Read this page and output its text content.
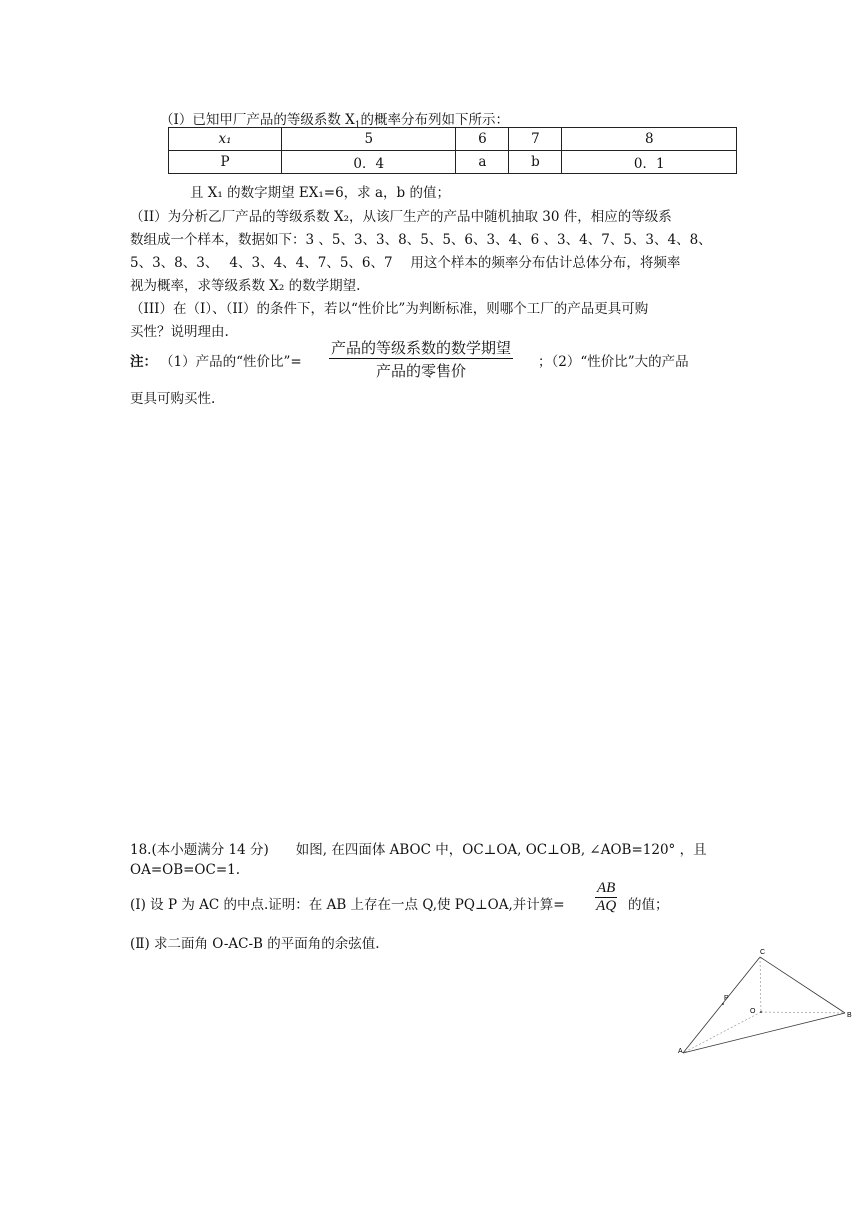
（I）已知甲厂产品的等级系数 $X_1$的概率分布列如下所示：
x₁	5	6	7	8
P	0．4	a	b	0．1
且 X₁ 的数字期望 EX₁=6，求 a，b 的值；
（II）为分析乙厂产品的等级系数 X₂，从该厂生产的产品中随机抽取 30 件，相应的等级系
数组成一个样本，数据如下：3 、5、3、3、8、5、5、6、3、4、6 、3、4、7、5、3、4、8、
5、3、8、3、　 4、3、4、4、7、5、6、7　 用这个样本的频率分布估计总体分布，将频率
视为概率，求等级系数 X₂ 的数学期望.
（III）在（I）、（II）的条件下，若以“性价比”为判断标准，则哪个工厂的产品更具可购
买性？说明理由.
注： （1）产品的“性价比”=
产品的等级系数的数学期望
产品的零售价
；（2）“性价比”大的产品
更具可购买性.
18.(本小题满分 14 分)　　如图, 在四面体 ABOC 中，OC⊥OA, OC⊥OB, ∠AOB=120° ，且
OA=OB=OC=1.
(Ⅰ) 设 P 为 AC 的中点.证明：在 AB 上存在一点 Q,使 PQ⊥OA,并计算= $\frac{AB}{AQ}$ 的值；
(Ⅱ) 求二面角 O-AC-B 的平面角的余弦值.
C
P
O
B
A
